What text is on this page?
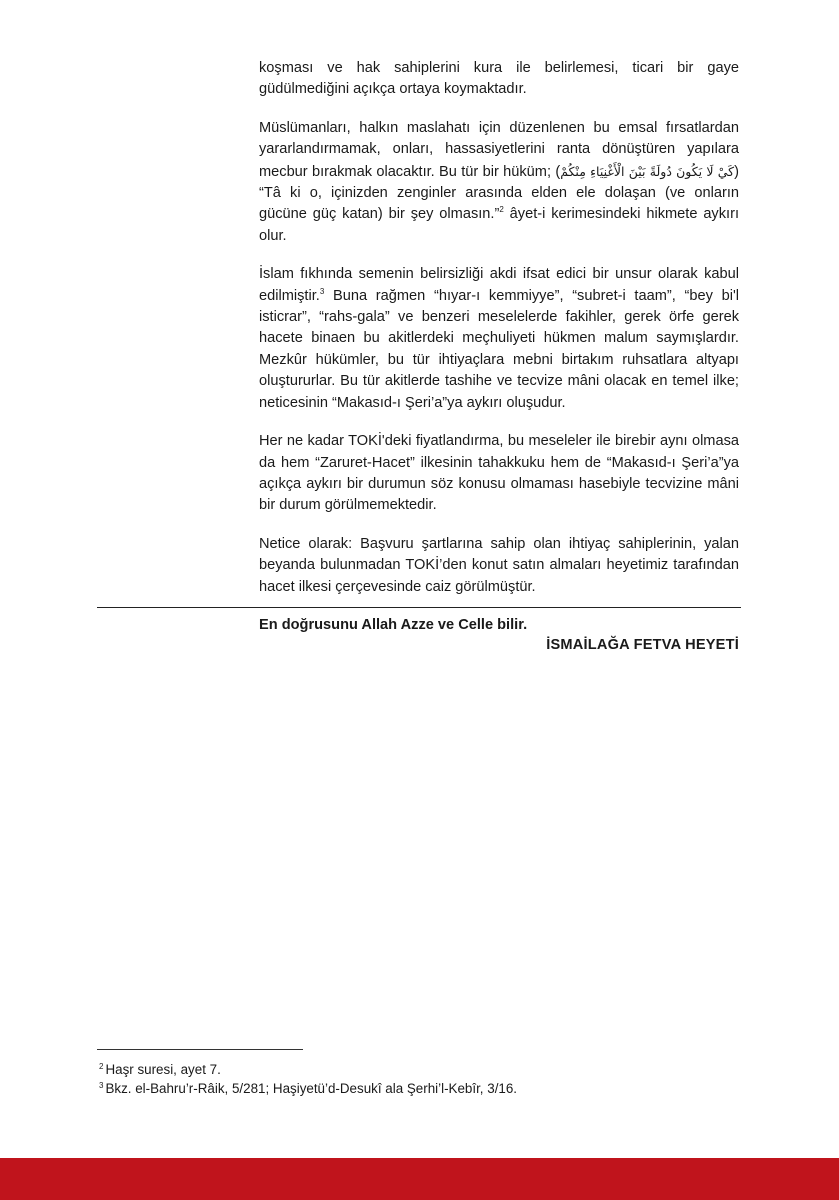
koşması ve hak sahiplerini kura ile belirlemesi, ticari bir gaye güdülmediğini açıkça ortaya koymaktadır.

Müslümanları, halkın maslahatı için düzenlenen bu emsal fırsatlardan yararlandırmamak, onları, hassasiyetlerini ranta dönüştüren yapılara mecbur bırakmak olacaktır. Bu tür bir hüküm; (كَيْ لَا يَكُونَ دُولَةً بَيْنَ الْأَغْنِيَاءِ مِنْكُمْ) “Tâ ki o, içinizden zenginler arasında elden ele dolaşan (ve onların gücüne güç katan) bir şey olmasın.”$^2$ âyet-i kerimesindeki hikmete aykırı olur.

İslam fıkhında semenin belirsizliği akdi ifsat edici bir unsur olarak kabul edilmiştir.$^3$ Buna rağmen “hıyar-ı kemmiyye”, “subret-i taam”, “bey bi'l isticrar”, “rahs-gala” ve benzeri meselelerde fakihler, gerek örfe gerek hacete binaen bu akitlerdeki meçhuliyeti hükmen malum saymışlardır. Mezkûr hükümler, bu tür ihtiyaçlara mebni birtakım ruhsatlara altyapı oluştururlar. Bu tür akitlerde tashihe ve tecvize mâni olacak en temel ilke; neticesinin “Makasıd-ı Şeri’a”ya aykırı oluşudur.

Her ne kadar TOKİ'deki fiyatlandırma, bu meseleler ile birebir aynı olmasa da hem “Zaruret-Hacet” ilkesinin tahakkuku hem de “Makasıd-ı Şeri’a”ya açıkça aykırı bir durumun söz konusu olmaması hasebiyle tecvizine mâni bir durum görülmemektedir.

Netice olarak: Başvuru şartlarına sahip olan ihtiyaç sahiplerinin, yalan beyanda bulunmadan TOKİ’den konut satın almaları heyetimiz tarafından hacet ilkesi çerçevesinde caiz görülmüştür.

En doğrusunu Allah Azze ve Celle bilir.

İSMAİLAĞA FETVA HEYETİ
$^2$ Haşr suresi, ayet 7.
$^3$ Bkz. el-Bahru’r-Râik, 5/281; Haşiyetü’d-Desukî ala Şerhi’l-Kebîr, 3/16.
